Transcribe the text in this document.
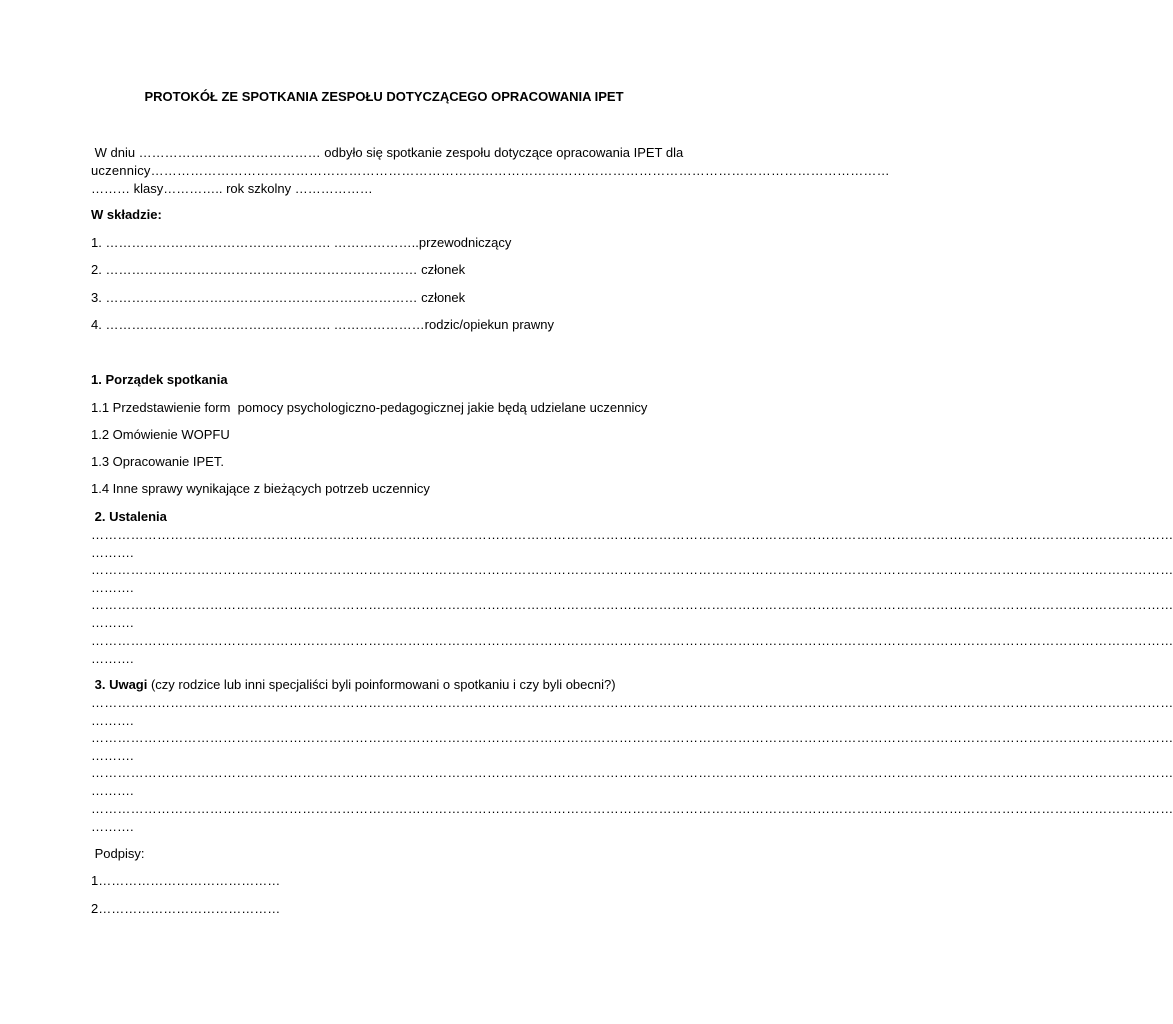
PROTOKÓŁ ZE SPOTKANIA ZESPOŁU DOTYCZĄCEGO OPRACOWANIA IPET
W dniu …………………………………… odbyło się spotkanie zespołu dotyczące opracowania IPET dla
uczennicy……………………………………………………………………………………………………………………………………………………
……… klasy………….. rok szkolny ………………
W składzie:
1. ……………………………………………. ………………..przewodniczący
2. ……………………………………………………………… członek
3. ……………………………………………………………… członek
4. ……………………………………………. …………………rodzic/opiekun prawny
1. Porządek spotkania
1.1 Przedstawienie form  pomocy psychologiczno-pedagogicznej jakie będą udzielane uczennicy
1.2 Omówienie WOPFU
1.3 Opracowanie IPET.
1.4 Inne sprawy wynikające z bieżących potrzeb uczennicy
2. Ustalenia
…………………………………………………………………………………………………………………………………………………………………………………………………………………………
……….
…………………………………………………………………………………………………………………………………………………………………………………………………………………………
……….
…………………………………………………………………………………………………………………………………………………………………………………………………………………………
……….
…………………………………………………………………………………………………………………………………………………………………………………………………………………………
……….
3. Uwagi (czy rodzice lub inni specjaliści byli poinformowani o spotkaniu i czy byli obecni?)
…………………………………………………………………………………………………………………………………………………………………………………………………………………………
……….
…………………………………………………………………………………………………………………………………………………………………………………………………………………………
……….
…………………………………………………………………………………………………………………………………………………………………………………………………………………………
……….
…………………………………………………………………………………………………………………………………………………………………………………………………………………………
……….
Podpisy:
1……………………………………
2……………………………………
